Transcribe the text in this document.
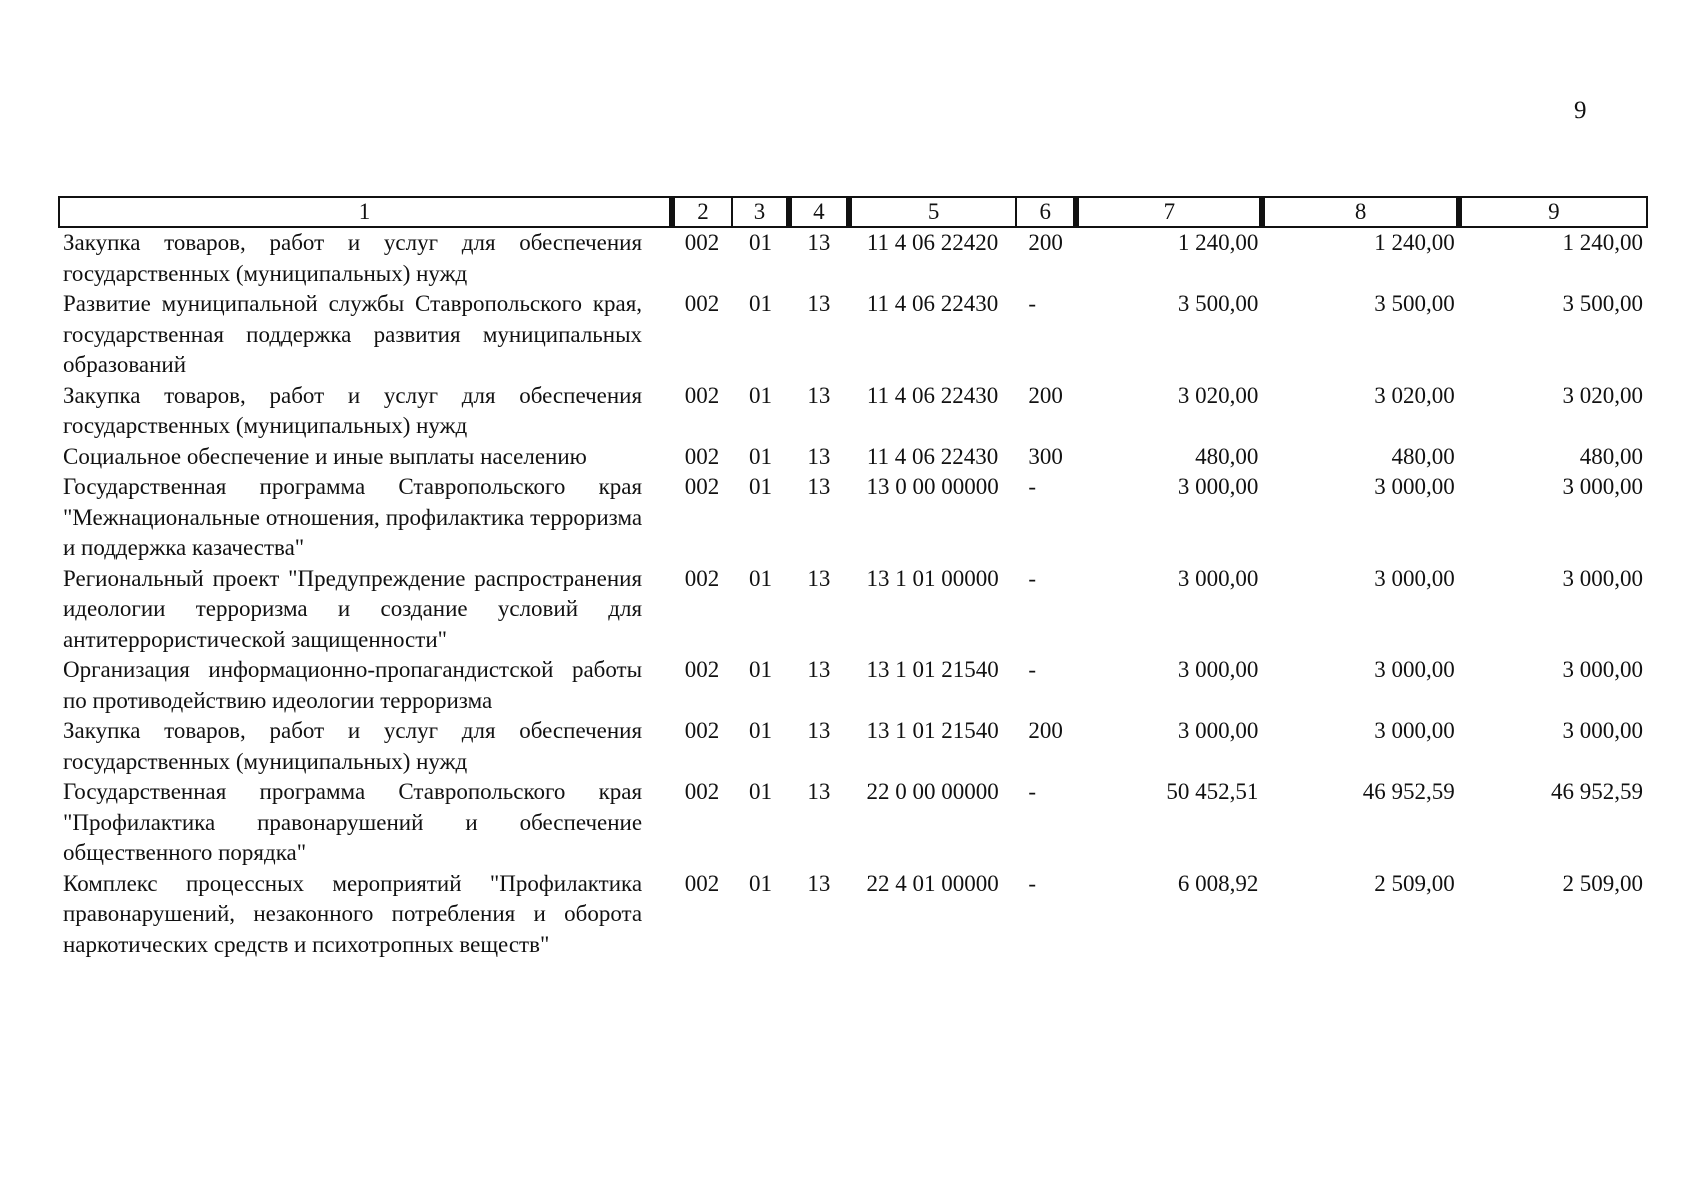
9
1	2	3	4	5	6	7	8	9
Закупка товаров, работ и услуг для обеспечения государственных (муниципальных) нужд	002	01	13	11 4 06 22420	200	1 240,00	1 240,00	1 240,00
Развитие муниципальной службы Ставропольского края, государственная поддержка развития муниципальных образований	002	01	13	11 4 06 22430	-	3 500,00	3 500,00	3 500,00
Закупка товаров, работ и услуг для обеспечения государственных (муниципальных) нужд	002	01	13	11 4 06 22430	200	3 020,00	3 020,00	3 020,00
Социальное обеспечение и иные выплаты населению	002	01	13	11 4 06 22430	300	480,00	480,00	480,00
Государственная программа Ставропольского края "Межнациональные отношения, профилактика терроризма и поддержка казачества"	002	01	13	13 0 00 00000	-	3 000,00	3 000,00	3 000,00
Региональный проект "Предупреждение распространения идеологии терроризма и создание условий для антитеррористической защищенности"	002	01	13	13 1 01 00000	-	3 000,00	3 000,00	3 000,00
Организация информационно-пропагандистской работы по противодействию идеологии терроризма	002	01	13	13 1 01 21540	-	3 000,00	3 000,00	3 000,00
Закупка товаров, работ и услуг для обеспечения государственных (муниципальных) нужд	002	01	13	13 1 01 21540	200	3 000,00	3 000,00	3 000,00
Государственная программа Ставропольского края "Профилактика правонарушений и обеспечение общественного порядка"	002	01	13	22 0 00 00000	-	50 452,51	46 952,59	46 952,59
Комплекс процессных мероприятий "Профилактика правонарушений, незаконного потребления и оборота наркотических средств и психотропных веществ"	002	01	13	22 4 01 00000	-	6 008,92	2 509,00	2 509,00
